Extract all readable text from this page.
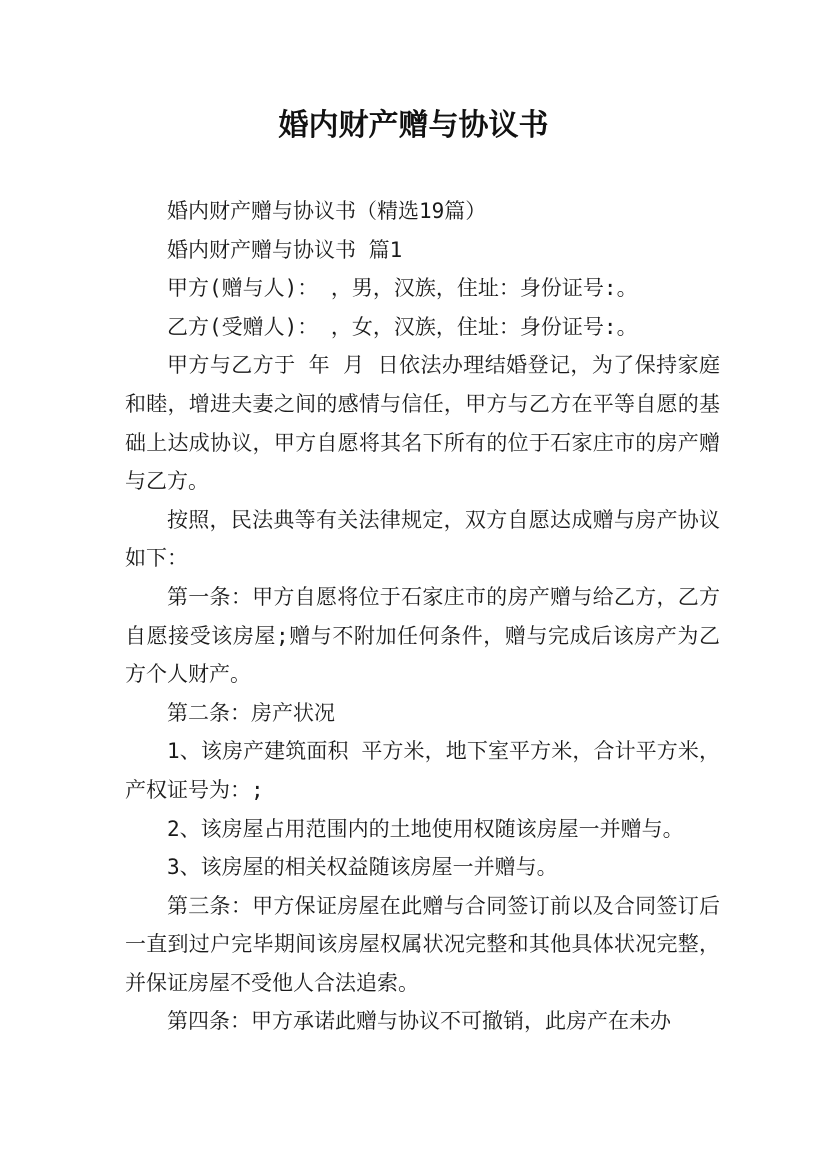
婚内财产赠与协议书

婚内财产赠与协议书（精选19篇）

婚内财产赠与协议书 篇1

甲方(赠与人)： ，男，汉族，住址：身份证号:。

乙方(受赠人)： ，女，汉族，住址：身份证号:。

甲方与乙方于 年 月 日依法办理结婚登记，为了保持家庭和睦，增进夫妻之间的感情与信任，甲方与乙方在平等自愿的基础上达成协议，甲方自愿将其名下所有的位于石家庄市的房产赠与乙方。

按照，民法典等有关法律规定，双方自愿达成赠与房产协议如下：

第一条：甲方自愿将位于石家庄市的房产赠与给乙方，乙方自愿接受该房屋;赠与不附加任何条件，赠与完成后该房产为乙方个人财产。

第二条：房产状况

1、该房产建筑面积 平方米，地下室平方米，合计平方米，产权证号为：;

2、该房屋占用范围内的土地使用权随该房屋一并赠与。

3、该房屋的相关权益随该房屋一并赠与。

第三条：甲方保证房屋在此赠与合同签订前以及合同签订后一直到过户完毕期间该房屋权属状况完整和其他具体状况完整，并保证房屋不受他人合法追索。

第四条：甲方承诺此赠与协议不可撤销，此房产在未办
